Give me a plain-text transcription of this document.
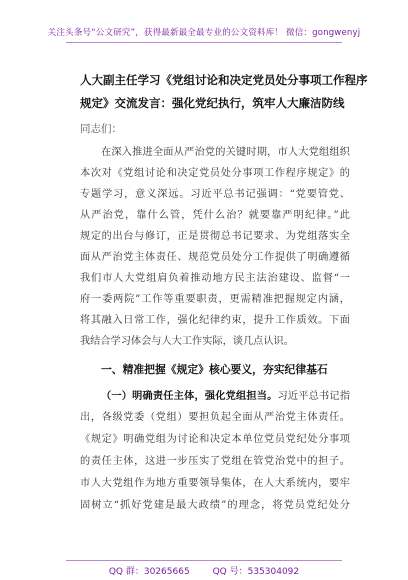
关注头条号“公文研究”，获得最新最全最专业的公文资料库！ 微信：gongwenyj
人大副主任学习《党组讨论和决定党员处分事项工作程序
规定》交流发言：强化党纪执行，筑牢人大廉洁防线
同志们：
在深入推进全面从严治党的关键时期，市人大党组组织
本次对《党组讨论和决定党员处分事项工作程序规定》的
专题学习，意义深远。习近平总书记强调：“党要管党、
从严治党，靠什么管，凭什么治？就要靠严明纪律。”此
规定的出台与修订，正是贯彻总书记要求、为党组落实全
面从严治党主体责任、规范党员处分工作提供了明确遵循
我们市人大党组肩负着推动地方民主法治建设、监督“一
府一委两院”工作等重要职责，更需精准把握规定内涵，
将其融入日常工作，强化纪律约束，提升工作质效。下面
我结合学习体会与人大工作实际，谈几点认识。
一、精准把握《规定》核心要义，夯实纪律基石
（一）明确责任主体，强化党组担当。习近平总书记指
出，各级党委（党组）要担负起全面从严治党主体责任。
《规定》明确党组为讨论和决定本单位党员党纪处分事项
的责任主体，这进一步压实了党组在管党治党中的担子。
市人大党组作为地方重要领导集体，在人大系统内，要牢
固树立“抓好党建是最大政绩”的理念，将党员党纪处分
QQ 群：30265665	QQ 号：535304092
